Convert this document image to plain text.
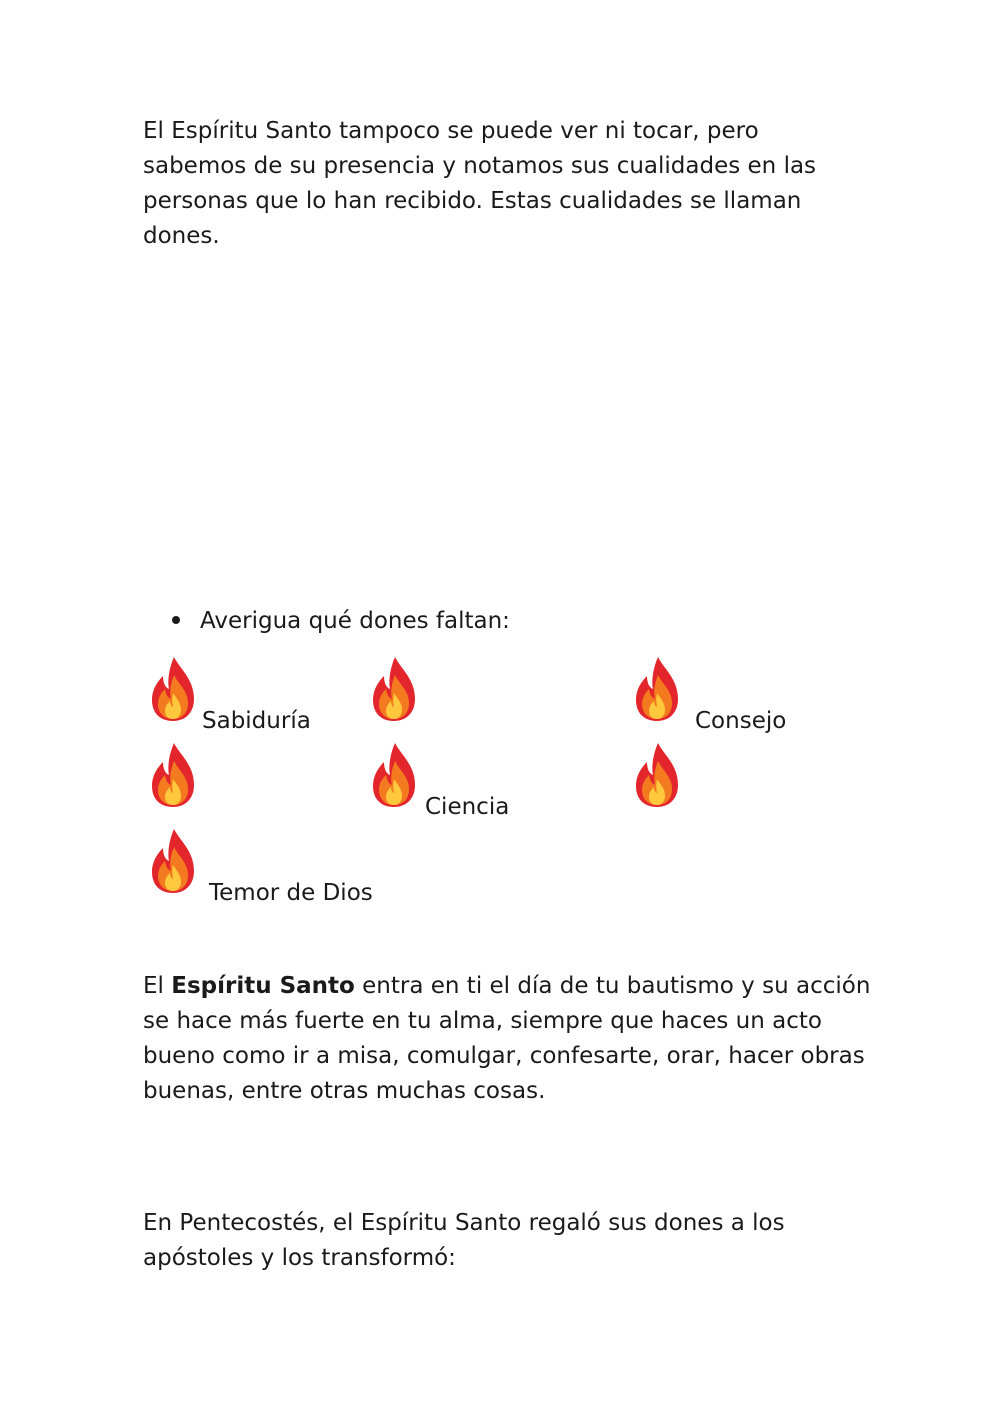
El Espíritu Santo tampoco se puede ver ni tocar, pero
sabemos de su presencia y notamos sus cualidades en las
personas que lo han recibido. Estas cualidades se llaman
dones.

Averigua qué dones faltan:
Sabiduría	Consejo
Ciencia
Temor de Dios

El Espíritu Santo entra en ti el día de tu bautismo y su acción
se hace más fuerte en tu alma, siempre que haces un acto
bueno como ir a misa, comulgar, confesarte, orar, hacer obras
buenas, entre otras muchas cosas.

En Pentecostés, el Espíritu Santo regaló sus dones a los
apóstoles y los transformó:
